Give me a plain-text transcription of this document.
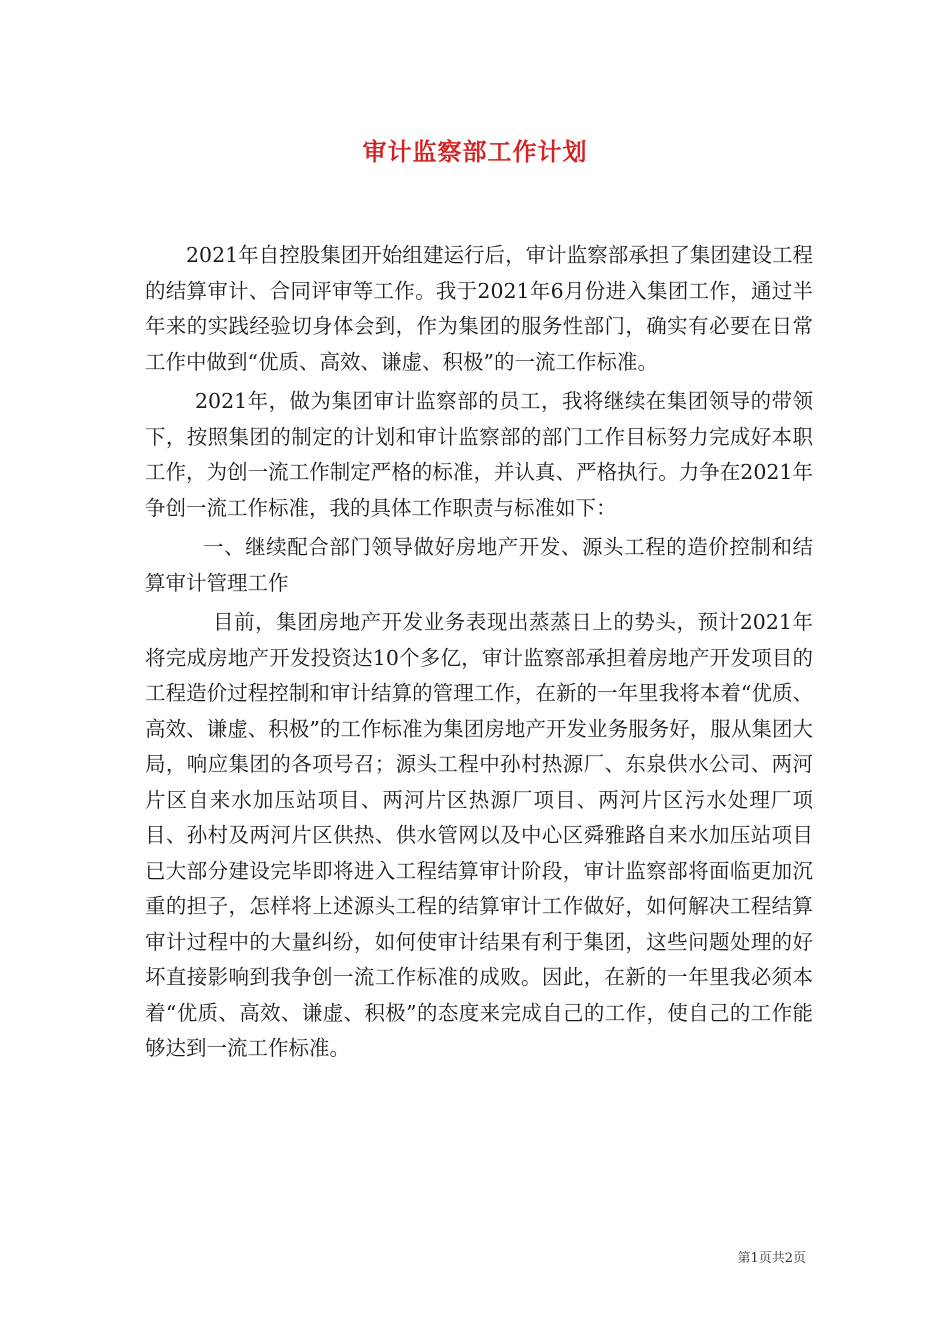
审计监察部工作计划

2021年自控股集团开始组建运行后，审计监察部承担了集团建设工程的结算审计、合同评审等工作。我于2021年6月份进入集团工作，通过半年来的实践经验切身体会到，作为集团的服务性部门，确实有必要在日常工作中做到“优质、高效、谦虚、积极”的一流工作标准。

2021年，做为集团审计监察部的员工，我将继续在集团领导的带领下，按照集团的制定的计划和审计监察部的部门工作目标努力完成好本职工作，为创一流工作制定严格的标准，并认真、严格执行。力争在2021年争创一流工作标准，我的具体工作职责与标准如下：

一、继续配合部门领导做好房地产开发、源头工程的造价控制和结算审计管理工作

目前，集团房地产开发业务表现出蒸蒸日上的势头，预计2021年将完成房地产开发投资达10个多亿，审计监察部承担着房地产开发项目的工程造价过程控制和审计结算的管理工作，在新的一年里我将本着“优质、高效、谦虚、积极”的工作标准为集团房地产开发业务服务好，服从集团大局，响应集团的各项号召；源头工程中孙村热源厂、东泉供水公司、两河片区自来水加压站项目、两河片区热源厂项目、两河片区污水处理厂项目、孙村及两河片区供热、供水管网以及中心区舜雅路自来水加压站项目已大部分建设完毕即将进入工程结算审计阶段，审计监察部将面临更加沉重的担子，怎样将上述源头工程的结算审计工作做好，如何解决工程结算审计过程中的大量纠纷，如何使审计结果有利于集团，这些问题处理的好坏直接影响到我争创一流工作标准的成败。因此，在新的一年里我必须本着“优质、高效、谦虚、积极”的态度来完成自己的工作，使自己的工作能够达到一流工作标准。

第1页共2页
